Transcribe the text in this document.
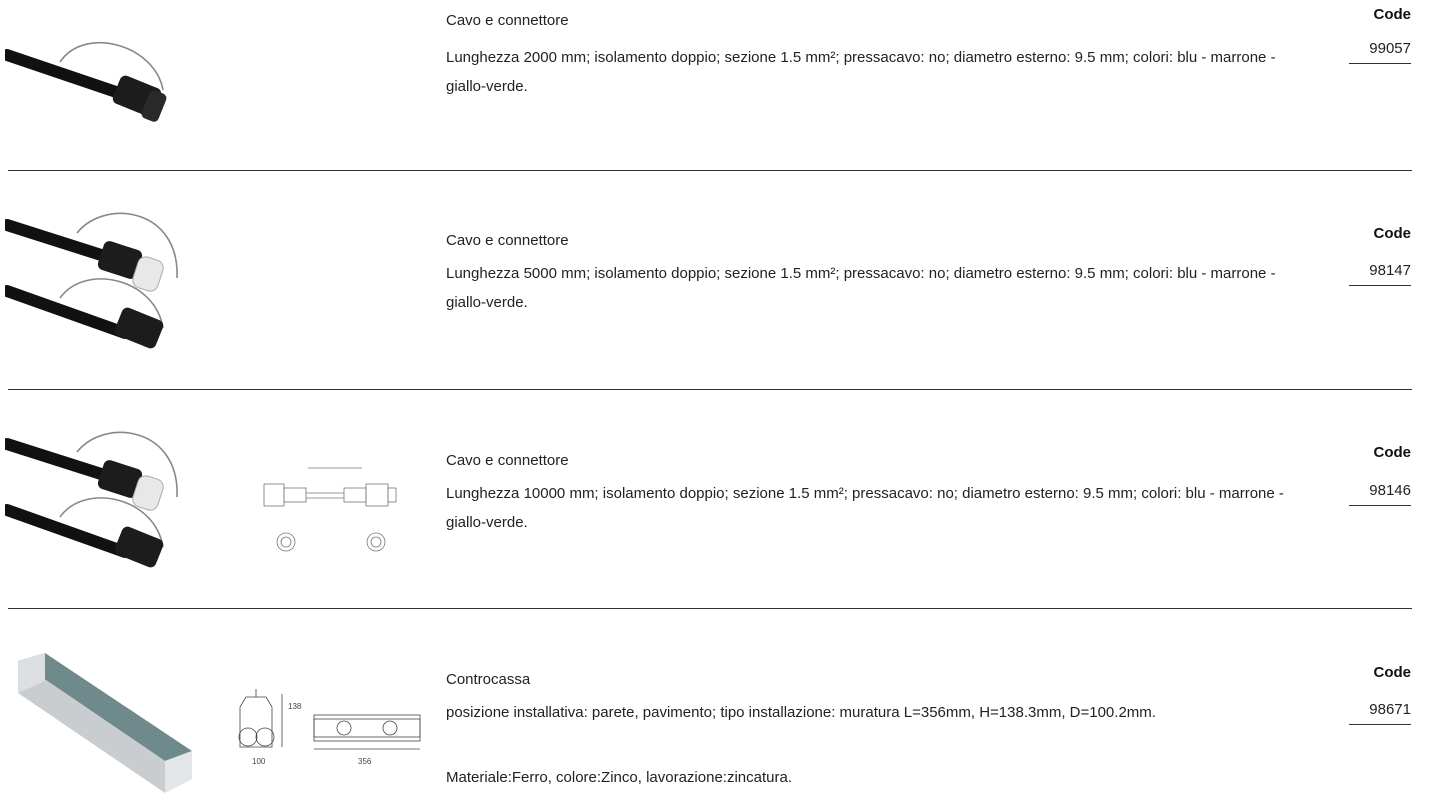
Cavo e connettore
Lunghezza 2000 mm; isolamento doppio; sezione 1.5 mm²; pressacavo: no; diametro esterno: 9.5 mm; colori: blu - marrone - giallo-verde.
Code
99057
Cavo e connettore
Lunghezza 5000 mm; isolamento doppio; sezione 1.5 mm²; pressacavo: no; diametro esterno: 9.5 mm; colori: blu - marrone - giallo-verde.
Code
98147
Cavo e connettore
Lunghezza 10000 mm; isolamento doppio; sezione 1.5 mm²; pressacavo: no; diametro esterno: 9.5 mm; colori: blu - marrone - giallo-verde.
Code
98146
138
100	356
Controcassa
posizione installativa: parete, pavimento; tipo installazione: muratura L=356mm, H=138.3mm, D=100.2mm.
Materiale:Ferro, colore:Zinco, lavorazione:zincatura.
Code
98671
